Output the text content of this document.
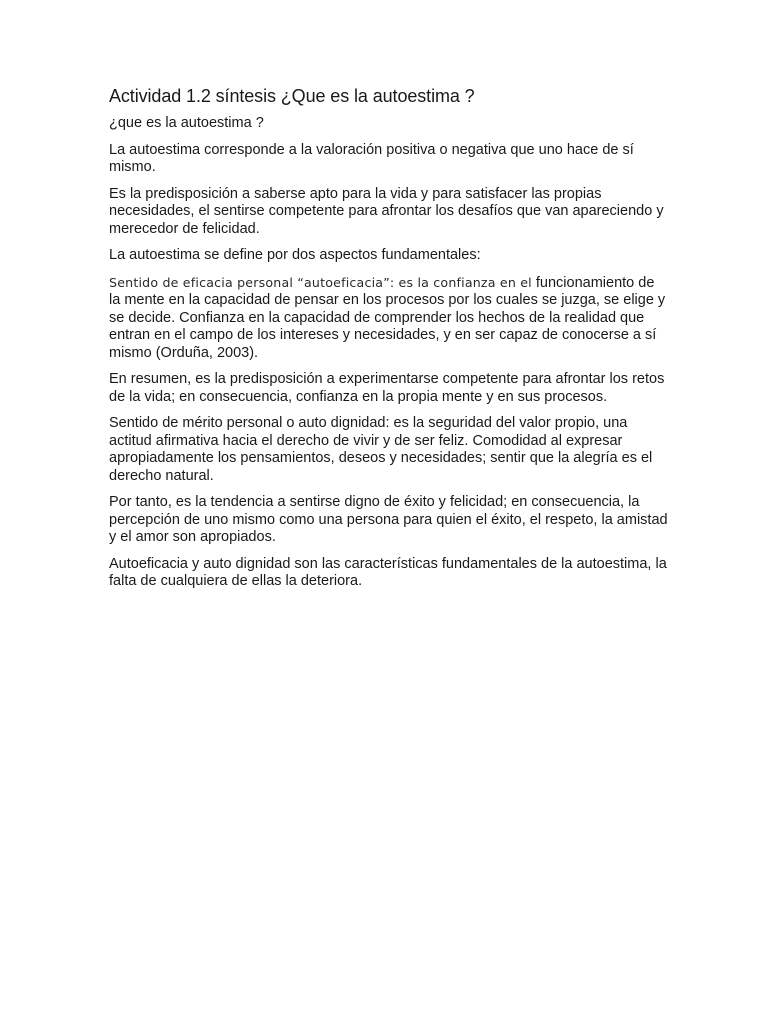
Actividad 1.2 síntesis ¿Que es la autoestima ?

¿que es la autoestima ?

La autoestima corresponde a la valoración positiva o negativa que uno hace de sí mismo.

Es la predisposición a saberse apto para la vida y para satisfacer las propias necesidades, el sentirse competente para afrontar los desafíos que van apareciendo y merecedor de felicidad.

La autoestima se define por dos aspectos fundamentales:

Sentido de eficacia personal “autoeficacia”: es la confianza en el funcionamiento de la mente en la capacidad de pensar en los procesos por los cuales se juzga, se elige y se decide. Confianza en la capacidad de comprender los hechos de la realidad que entran en el campo de los intereses y necesidades, y en ser capaz de conocerse a sí mismo (Orduña, 2003).

En resumen, es la predisposición a experimentarse competente para afrontar los retos de la vida; en consecuencia, confianza en la propia mente y en sus procesos.

Sentido de mérito personal o auto dignidad: es la seguridad del valor propio, una actitud afirmativa hacia el derecho de vivir y de ser feliz. Comodidad al expresar apropiadamente los pensamientos, deseos y necesidades; sentir que la alegría es el derecho natural.

Por tanto, es la tendencia a sentirse digno de éxito y felicidad; en consecuencia, la percepción de uno mismo como una persona para quien el éxito, el respeto, la amistad y el amor son apropiados.

Autoeficacia y auto dignidad son las características fundamentales de la autoestima, la falta de cualquiera de ellas la deteriora.
